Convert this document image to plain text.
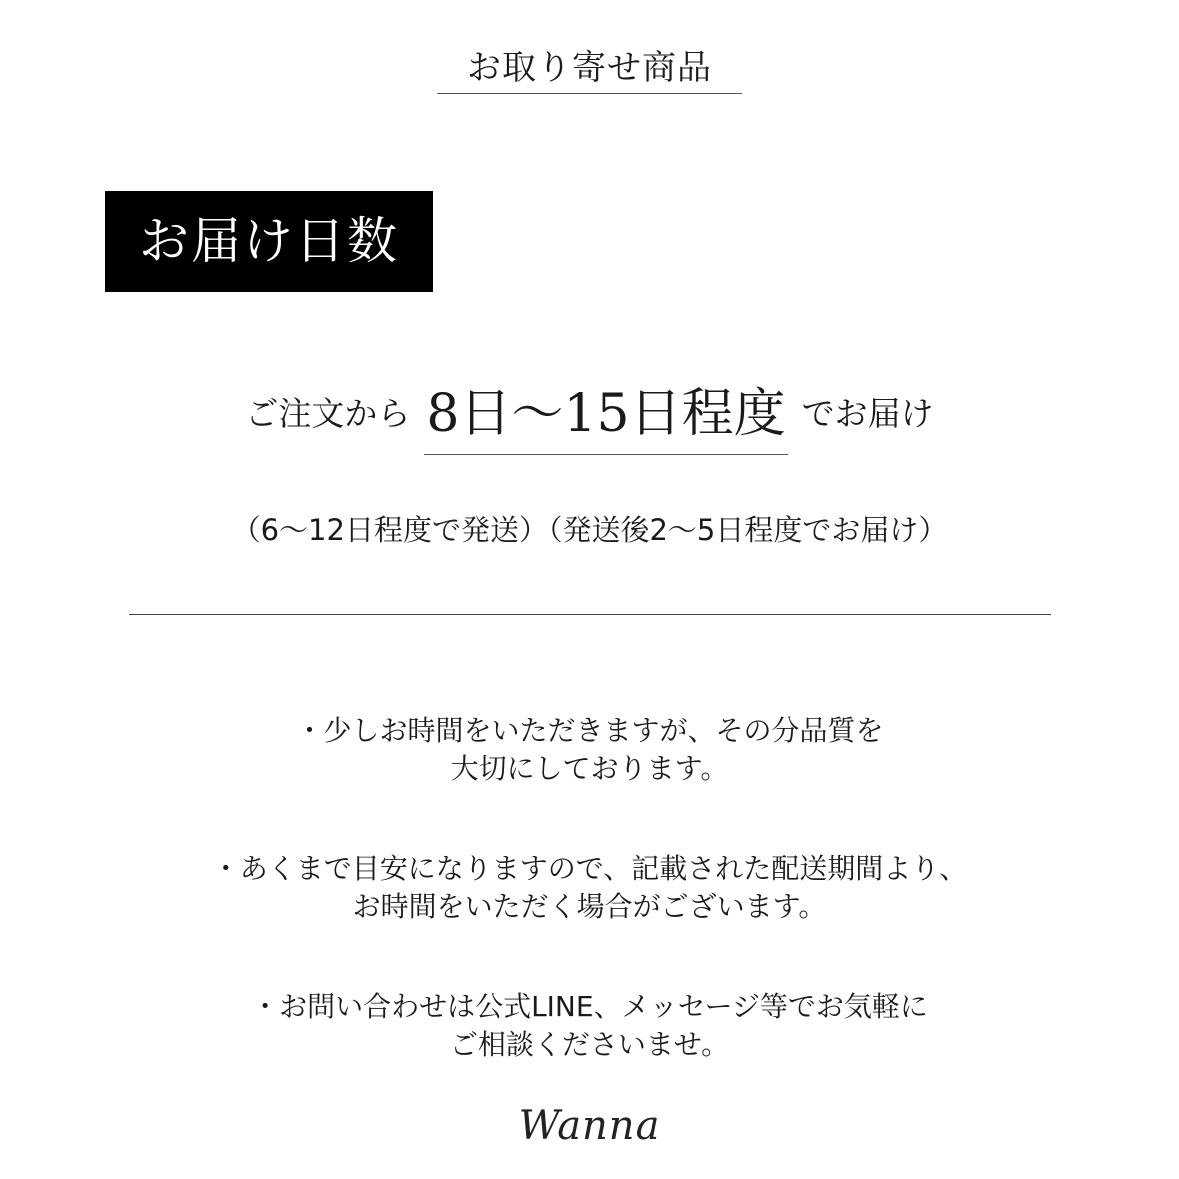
お取り寄せ商品
お届け日数
ご注文から 8日～15日程度 でお届け
（6～12日程度で発送）（発送後2～5日程度でお届け）
・少しお時間をいただきますが、その分品質を
大切にしております。
・あくまで目安になりますので、記載された配送期間より、
お時間をいただく場合がございます。
・お問い合わせは公式LINE、メッセージ等でお気軽に
ご相談くださいませ。
Wanna
